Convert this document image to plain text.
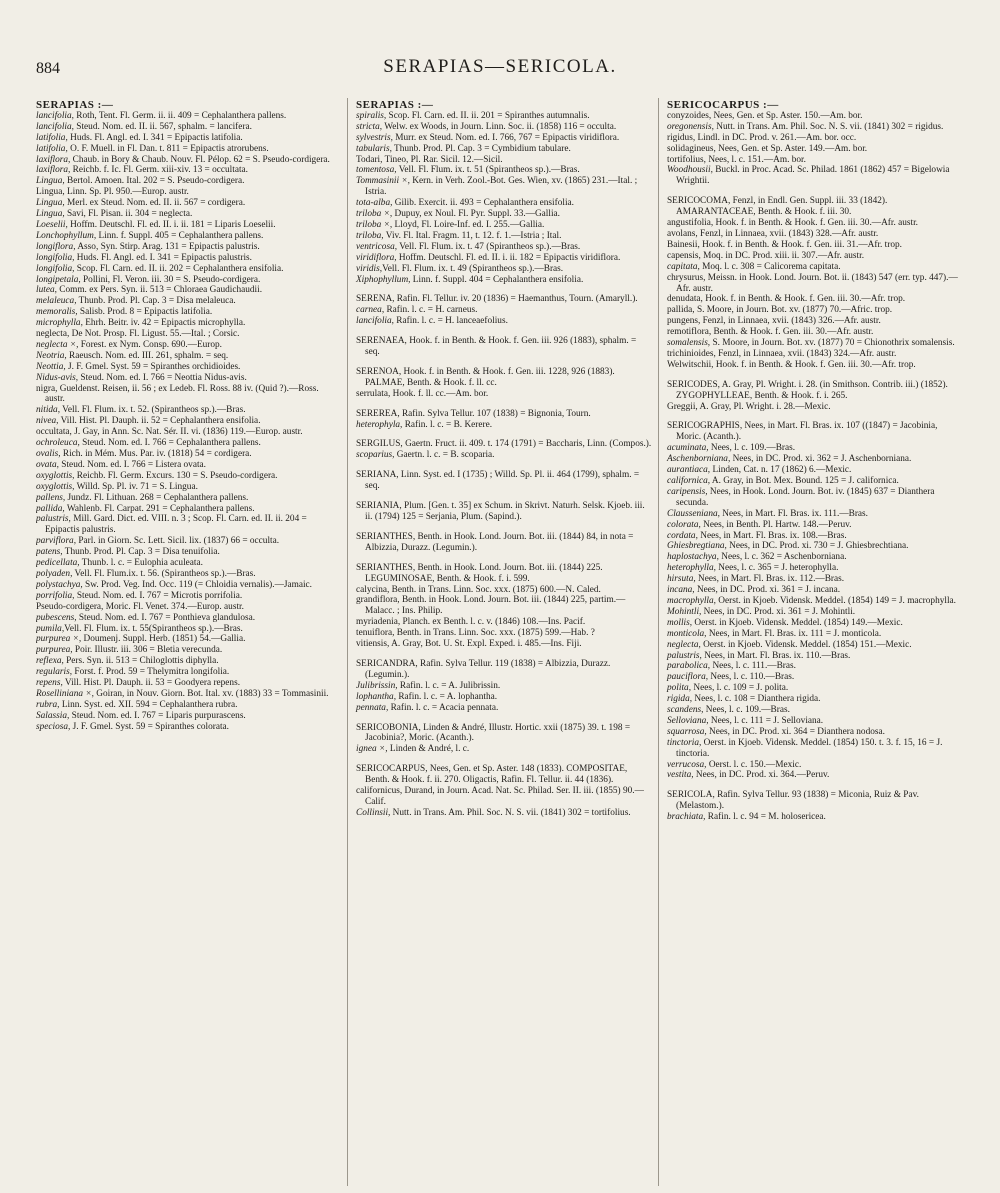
884	SERAPIAS—SERICOLA.
SERAPIAS :—

lancifolia, Roth, Tent. Fl. Germ. ii. ii. 409 = Cephalanthera pallens.

lancifolia, Steud. Nom. ed. II. ii. 567, sphalm. = lancifera.

latifolia, Huds. Fl. Angl. ed. I. 341 = Epipactis latifolia.

latifolia, O. F. Muell. in Fl. Dan. t. 811 = Epipactis atrorubens.

laxiflora, Chaub. in Bory & Chaub. Nouv. Fl. Pélop. 62 = S. Pseudo-cordigera.

laxiflora, Reichb. f. Ic. Fl. Germ. xiii-xiv. 13 = occultata.

Lingua, Bertol. Amoen. Ital. 202 = S. Pseudo-cordigera.

Lingua, Linn. Sp. Pl. 950.—Europ. austr.

Lingua, Merl. ex Steud. Nom. ed. II. ii. 567 = cordigera.

Lingua, Savi, Fl. Pisan. ii. 304 = neglecta.

Loeselii, Hoffm. Deutschl. Fl. ed. II. i. ii. 181 = Liparis Loeselii.

Lonchophyllum, Linn. f. Suppl. 405 = Cephalanthera pallens.

longiflora, Asso, Syn. Stirp. Arag. 131 = Epipactis palustris.

longifolia, Huds. Fl. Angl. ed. I. 341 = Epipactis palustris.

longifolia, Scop. Fl. Carn. ed. II. ii. 202 = Cephalanthera ensifolia.

longipetala, Pollini, Fl. Veron. iii. 30 = S. Pseudo-cordigera.

lutea, Comm. ex Pers. Syn. ii. 513 = Chloraea Gaudichaudii.

melaleuca, Thunb. Prod. Pl. Cap. 3 = Disa melaleuca.

memoralis, Salisb. Prod. 8 = Epipactis latifolia.

microphylla, Ehrh. Beitr. iv. 42 = Epipactis microphylla.

neglecta, De Not. Prosp. Fl. Ligust. 55.—Ital. ; Corsic.

neglecta ×, Forest. ex Nym. Consp. 690.—Europ.

Neotria, Raeusch. Nom. ed. III. 261, sphalm. = seq.

Neottia, J. F. Gmel. Syst. 59 = Spiranthes orchidioides.

Nidus-avis, Steud. Nom. ed. I. 766 = Neottia Nidus-avis.

nigra, Gueldenst. Reisen, ii. 56 ; ex Ledeb. Fl. Ross. 88 iv. (Quid ?).—Ross. austr.

nitida, Vell. Fl. Flum. ix. t. 52. (Spirantheos sp.).—Bras.

nivea, Vill. Hist. Pl. Dauph. ii. 52 = Cephalanthera ensifolia.

occultata, J. Gay, in Ann. Sc. Nat. Sér. II. vi. (1836) 119.—Europ. austr.

ochroleuca, Steud. Nom. ed. I. 766 = Cephalanthera pallens.

ovalis, Rich. in Mém. Mus. Par. iv. (1818) 54 = cordigera.

ovata, Steud. Nom. ed. I. 766 = Listera ovata.

oxyglottis, Reichb. Fl. Germ. Excurs. 130 = S. Pseudo-cordigera.

oxyglottis, Willd. Sp. Pl. iv. 71 = S. Lingua.

pallens, Jundz. Fl. Lithuan. 268 = Cephalanthera pallens.

pallida, Wahlenb. Fl. Carpat. 291 = Cephalanthera pallens.

palustris, Mill. Gard. Dict. ed. VIII. n. 3 ; Scop. Fl. Carn. ed. II. ii. 204 = Epipactis palustris.

parviflora, Parl. in Giorn. Sc. Lett. Sicil. lix. (1837) 66 = occulta.

patens, Thunb. Prod. Pl. Cap. 3 = Disa tenuifolia.

pedicellata, Thunb. l. c. = Eulophia aculeata.

polyaden, Vell. Fl. Flum.ix. t. 56. (Spirantheos sp.).—Bras.

polystachya, Sw. Prod. Veg. Ind. Occ. 119 (= Chloidia vernalis).—Jamaic.

porrifolia, Steud. Nom. ed. I. 767 = Microtis porrifolia.

Pseudo-cordigera, Moric. Fl. Venet. 374.—Europ. austr.

pubescens, Steud. Nom. ed. I. 767 = Ponthieva glandulosa.

pumila,Vell. Fl. Flum. ix. t. 55(Spirantheos sp.).—Bras.

purpurea ×, Doumenj. Suppl. Herb. (1851) 54.—Gallia.

purpurea, Poir. Illustr. iii. 306 = Bletia verecunda.

reflexa, Pers. Syn. ii. 513 = Chiloglottis diphylla.

regularis, Forst. f. Prod. 59 = Thelymitra longifolia.

repens, Vill. Hist. Pl. Dauph. ii. 53 = Goodyera repens.

Roselliniana ×, Goiran, in Nouv. Giorn. Bot. Ital. xv. (1883) 33 = Tommasinii.

rubra, Linn. Syst. ed. XII. 594 = Cephalanthera rubra.

Salassia, Steud. Nom. ed. I. 767 = Liparis purpurascens.

speciosa, J. F. Gmel. Syst. 59 = Spiranthes colorata.

SERAPIAS :—

spiralis, Scop. Fl. Carn. ed. II. ii. 201 = Spiranthes autumnalis.

stricta, Welw. ex Woods, in Journ. Linn. Soc. ii. (1858) 116 = occulta.

sylvestris, Murr. ex Steud. Nom. ed. I. 766, 767 = Epipactis viridiflora.

tabularis, Thunb. Prod. Pl. Cap. 3 = Cymbidium tabulare.

Todari, Tineo, Pl. Rar. Sicil. 12.—Sicil.

tomentosa, Vell. Fl. Flum. ix. t. 51 (Spirantheos sp.).—Bras.

Tommasinii ×, Kern. in Verh. Zool.-Bot. Ges. Wien, xv. (1865) 231.—Ital. ; Istria.

tota-alba, Gilib. Exercit. ii. 493 = Cephalanthera ensifolia.

triloba ×, Dupuy, ex Noul. Fl. Pyr. Suppl. 33.—Gallia.

triloba ×, Lloyd, Fl. Loire-Inf. ed. I. 255.—Gallia.

triloba, Viv. Fl. Ital. Fragm. 11, t. 12. f. 1.—Istria ; Ital.

ventricosa, Vell. Fl. Flum. ix. t. 47 (Spirantheos sp.).—Bras.

viridiflora, Hoffm. Deutschl. Fl. ed. II. i. ii. 182 = Epipactis viridiflora.

viridis,Vell. Fl. Flum. ix. t. 49 (Spirantheos sp.).—Bras.

Xiphophyllum, Linn. f. Suppl. 404 = Cephalanthera ensifolia.

SERENA, Rafin. Fl. Tellur. iv. 20 (1836) = Haemanthus, Tourn. (Amaryll.).

carnea, Rafin. l. c. = H. carneus.

lancifolia, Rafin. l. c. = H. lanceaefolius.

SERENAEA, Hook. f. in Benth. & Hook. f. Gen. iii. 926 (1883), sphalm. = seq.

SERENOA, Hook. f. in Benth. & Hook. f. Gen. iii. 1228, 926 (1883). PALMAE, Benth. & Hook. f. ll. cc.

serrulata, Hook. f. ll. cc.—Am. bor.

SEREREA, Rafin. Sylva Tellur. 107 (1838) = Bignonia, Tourn.

heterophyla, Rafin. l. c. = B. Kerere.

SERGILUS, Gaertn. Fruct. ii. 409. t. 174 (1791) = Baccharis, Linn. (Compos.).

scoparius, Gaertn. l. c. = B. scoparia.

SERIANA, Linn. Syst. ed. I (1735) ; Willd. Sp. Pl. ii. 464 (1799), sphalm. = seq.

SERIANIA, Plum. [Gen. t. 35] ex Schum. in Skrivt. Naturh. Selsk. Kjoeb. iii. ii. (1794) 125 = Serjania, Plum. (Sapind.).

SERIANTHES, Benth. in Hook. Lond. Journ. Bot. iii. (1844) 84, in nota = Albizzia, Durazz. (Legumin.).

SERIANTHES, Benth. in Hook. Lond. Journ. Bot. iii. (1844) 225. LEGUMINOSAE, Benth. & Hook. f. i. 599.

calycina, Benth. in Trans. Linn. Soc. xxx. (1875) 600.—N. Caled.

grandiflora, Benth. in Hook. Lond. Journ. Bot. iii. (1844) 225, partim.—Malacc. ; Ins. Philip.

myriadenia, Planch. ex Benth. l. c. v. (1846) 108.—Ins. Pacif.

tenuiflora, Benth. in Trans. Linn. Soc. xxx. (1875) 599.—Hab. ?

vitiensis, A. Gray, Bot. U. St. Expl. Exped. i. 485.—Ins. Fiji.

SERICANDRA, Rafin. Sylva Tellur. 119 (1838) = Albizzia, Durazz. (Legumin.).

Julibrissin, Rafin. l. c. = A. Julibrissin.

lophantha, Rafin. l. c. = A. lophantha.

pennata, Rafin. l. c. = Acacia pennata.

SERICOBONIA, Linden & André, Illustr. Hortic. xxii (1875) 39. t. 198 = Jacobinia?, Moric. (Acanth.).

ignea ×, Linden & André, l. c.

SERICOCARPUS, Nees, Gen. et Sp. Aster. 148 (1833). COMPOSITAE, Benth. & Hook. f. ii. 270. Oligactis, Rafin. Fl. Tellur. ii. 44 (1836).

californicus, Durand, in Journ. Acad. Nat. Sc. Philad. Ser. II. iii. (1855) 90.—Calif.

Collinsii, Nutt. in Trans. Am. Phil. Soc. N. S. vii. (1841) 302 = tortifolius.

SERICOCARPUS :—

conyzoides, Nees, Gen. et Sp. Aster. 150.—Am. bor.

oregonensis, Nutt. in Trans. Am. Phil. Soc. N. S. vii. (1841) 302 = rigidus.

rigidus, Lindl. in DC. Prod. v. 261.—Am. bor. occ.

solidagineus, Nees, Gen. et Sp. Aster. 149.—Am. bor.

tortifolius, Nees, l. c. 151.—Am. bor.

Woodhousii, Buckl. in Proc. Acad. Sc. Philad. 1861 (1862) 457 = Bigelowia Wrightii.

SERICOCOMA, Fenzl, in Endl. Gen. Suppl. iii. 33 (1842). AMARANTACEAE, Benth. & Hook. f. iii. 30.

angustifolia, Hook. f. in Benth. & Hook. f. Gen. iii. 30.—Afr. austr.

avolans, Fenzl, in Linnaea, xvii. (1843) 328.—Afr. austr.

Bainesii, Hook. f. in Benth. & Hook. f. Gen. iii. 31.—Afr. trop.

capensis, Moq. in DC. Prod. xiii. ii. 307.—Afr. austr.

capitata, Moq. l. c. 308 = Calicorema capitata.

chrysurus, Meissn. in Hook. Lond. Journ. Bot. ii. (1843) 547 (err. typ. 447).—Afr. austr.

denudata, Hook. f. in Benth. & Hook. f. Gen. iii. 30.—Afr. trop.

pallida, S. Moore, in Journ. Bot. xv. (1877) 70.—Afric. trop.

pungens, Fenzl, in Linnaea, xvii. (1843) 326.—Afr. austr.

remotiflora, Benth. & Hook. f. Gen. iii. 30.—Afr. austr.

somalensis, S. Moore, in Journ. Bot. xv. (1877) 70 = Chionothrix somalensis.

trichinioides, Fenzl, in Linnaea, xvii. (1843) 324.—Afr. austr.

Welwitschii, Hook. f. in Benth. & Hook. f. Gen. iii. 30.—Afr. trop.

SERICODES, A. Gray, Pl. Wright. i. 28. (in Smithson. Contrib. iii.) (1852). ZYGOPHYLLEAE, Benth. & Hook. f. i. 265.

Greggii, A. Gray, Pl. Wright. i. 28.—Mexic.

SERICOGRAPHIS, Nees, in Mart. Fl. Bras. ix. 107 ((1847) = Jacobinia, Moric. (Acanth.).

acuminata, Nees, l. c. 109.—Bras.

Aschenborniana, Nees, in DC. Prod. xi. 362 = J. Aschenborniana.

aurantiaca, Linden, Cat. n. 17 (1862) 6.—Mexic.

californica, A. Gray, in Bot. Mex. Bound. 125 = J. californica.

caripensis, Nees, in Hook. Lond. Journ. Bot. iv. (1845) 637 = Dianthera secunda.

Clausseniana, Nees, in Mart. Fl. Bras. ix. 111.—Bras.

colorata, Nees, in Benth. Pl. Hartw. 148.—Peruv.

cordata, Nees, in Mart. Fl. Bras. ix. 108.—Bras.

Ghiesbregtiana, Nees, in DC. Prod. xi. 730 = J. Ghiesbrechtiana.

haplostachya, Nees, l. c. 362 = Aschenborniana.

heterophylla, Nees, l. c. 365 = J. heterophylla.

hirsuta, Nees, in Mart. Fl. Bras. ix. 112.—Bras.

incana, Nees, in DC. Prod. xi. 361 = J. incana.

macrophylla, Oerst. in Kjoeb. Vidensk. Meddel. (1854) 149 = J. macrophylla.

Mohintli, Nees, in DC. Prod. xi. 361 = J. Mohintli.

mollis, Oerst. in Kjoeb. Vidensk. Meddel. (1854) 149.—Mexic.

monticola, Nees, in Mart. Fl. Bras. ix. 111 = J. monticola.

neglecta, Oerst. in Kjoeb. Vidensk. Meddel. (1854) 151.—Mexic.

palustris, Nees, in Mart. Fl. Bras. ix. 110.—Bras.

parabolica, Nees, l. c. 111.—Bras.

pauciflora, Nees, l. c. 110.—Bras.

polita, Nees, l. c. 109 = J. polita.

rigida, Nees, l. c. 108 = Dianthera rigida.

scandens, Nees, l. c. 109.—Bras.

Selloviana, Nees, l. c. 111 = J. Selloviana.

squarrosa, Nees, in DC. Prod. xi. 364 = Dianthera nodosa.

tinctoria, Oerst. in Kjoeb. Vidensk. Meddel. (1854) 150. t. 3. f. 15, 16 = J. tinctoria.

verrucosa, Oerst. l. c. 150.—Mexic.

vestita, Nees, in DC. Prod. xi. 364.—Peruv.

SERICOLA, Rafin. Sylva Tellur. 93 (1838) = Miconia, Ruiz & Pav. (Melastom.).

brachiata, Rafin. l. c. 94 = M. holosericea.
